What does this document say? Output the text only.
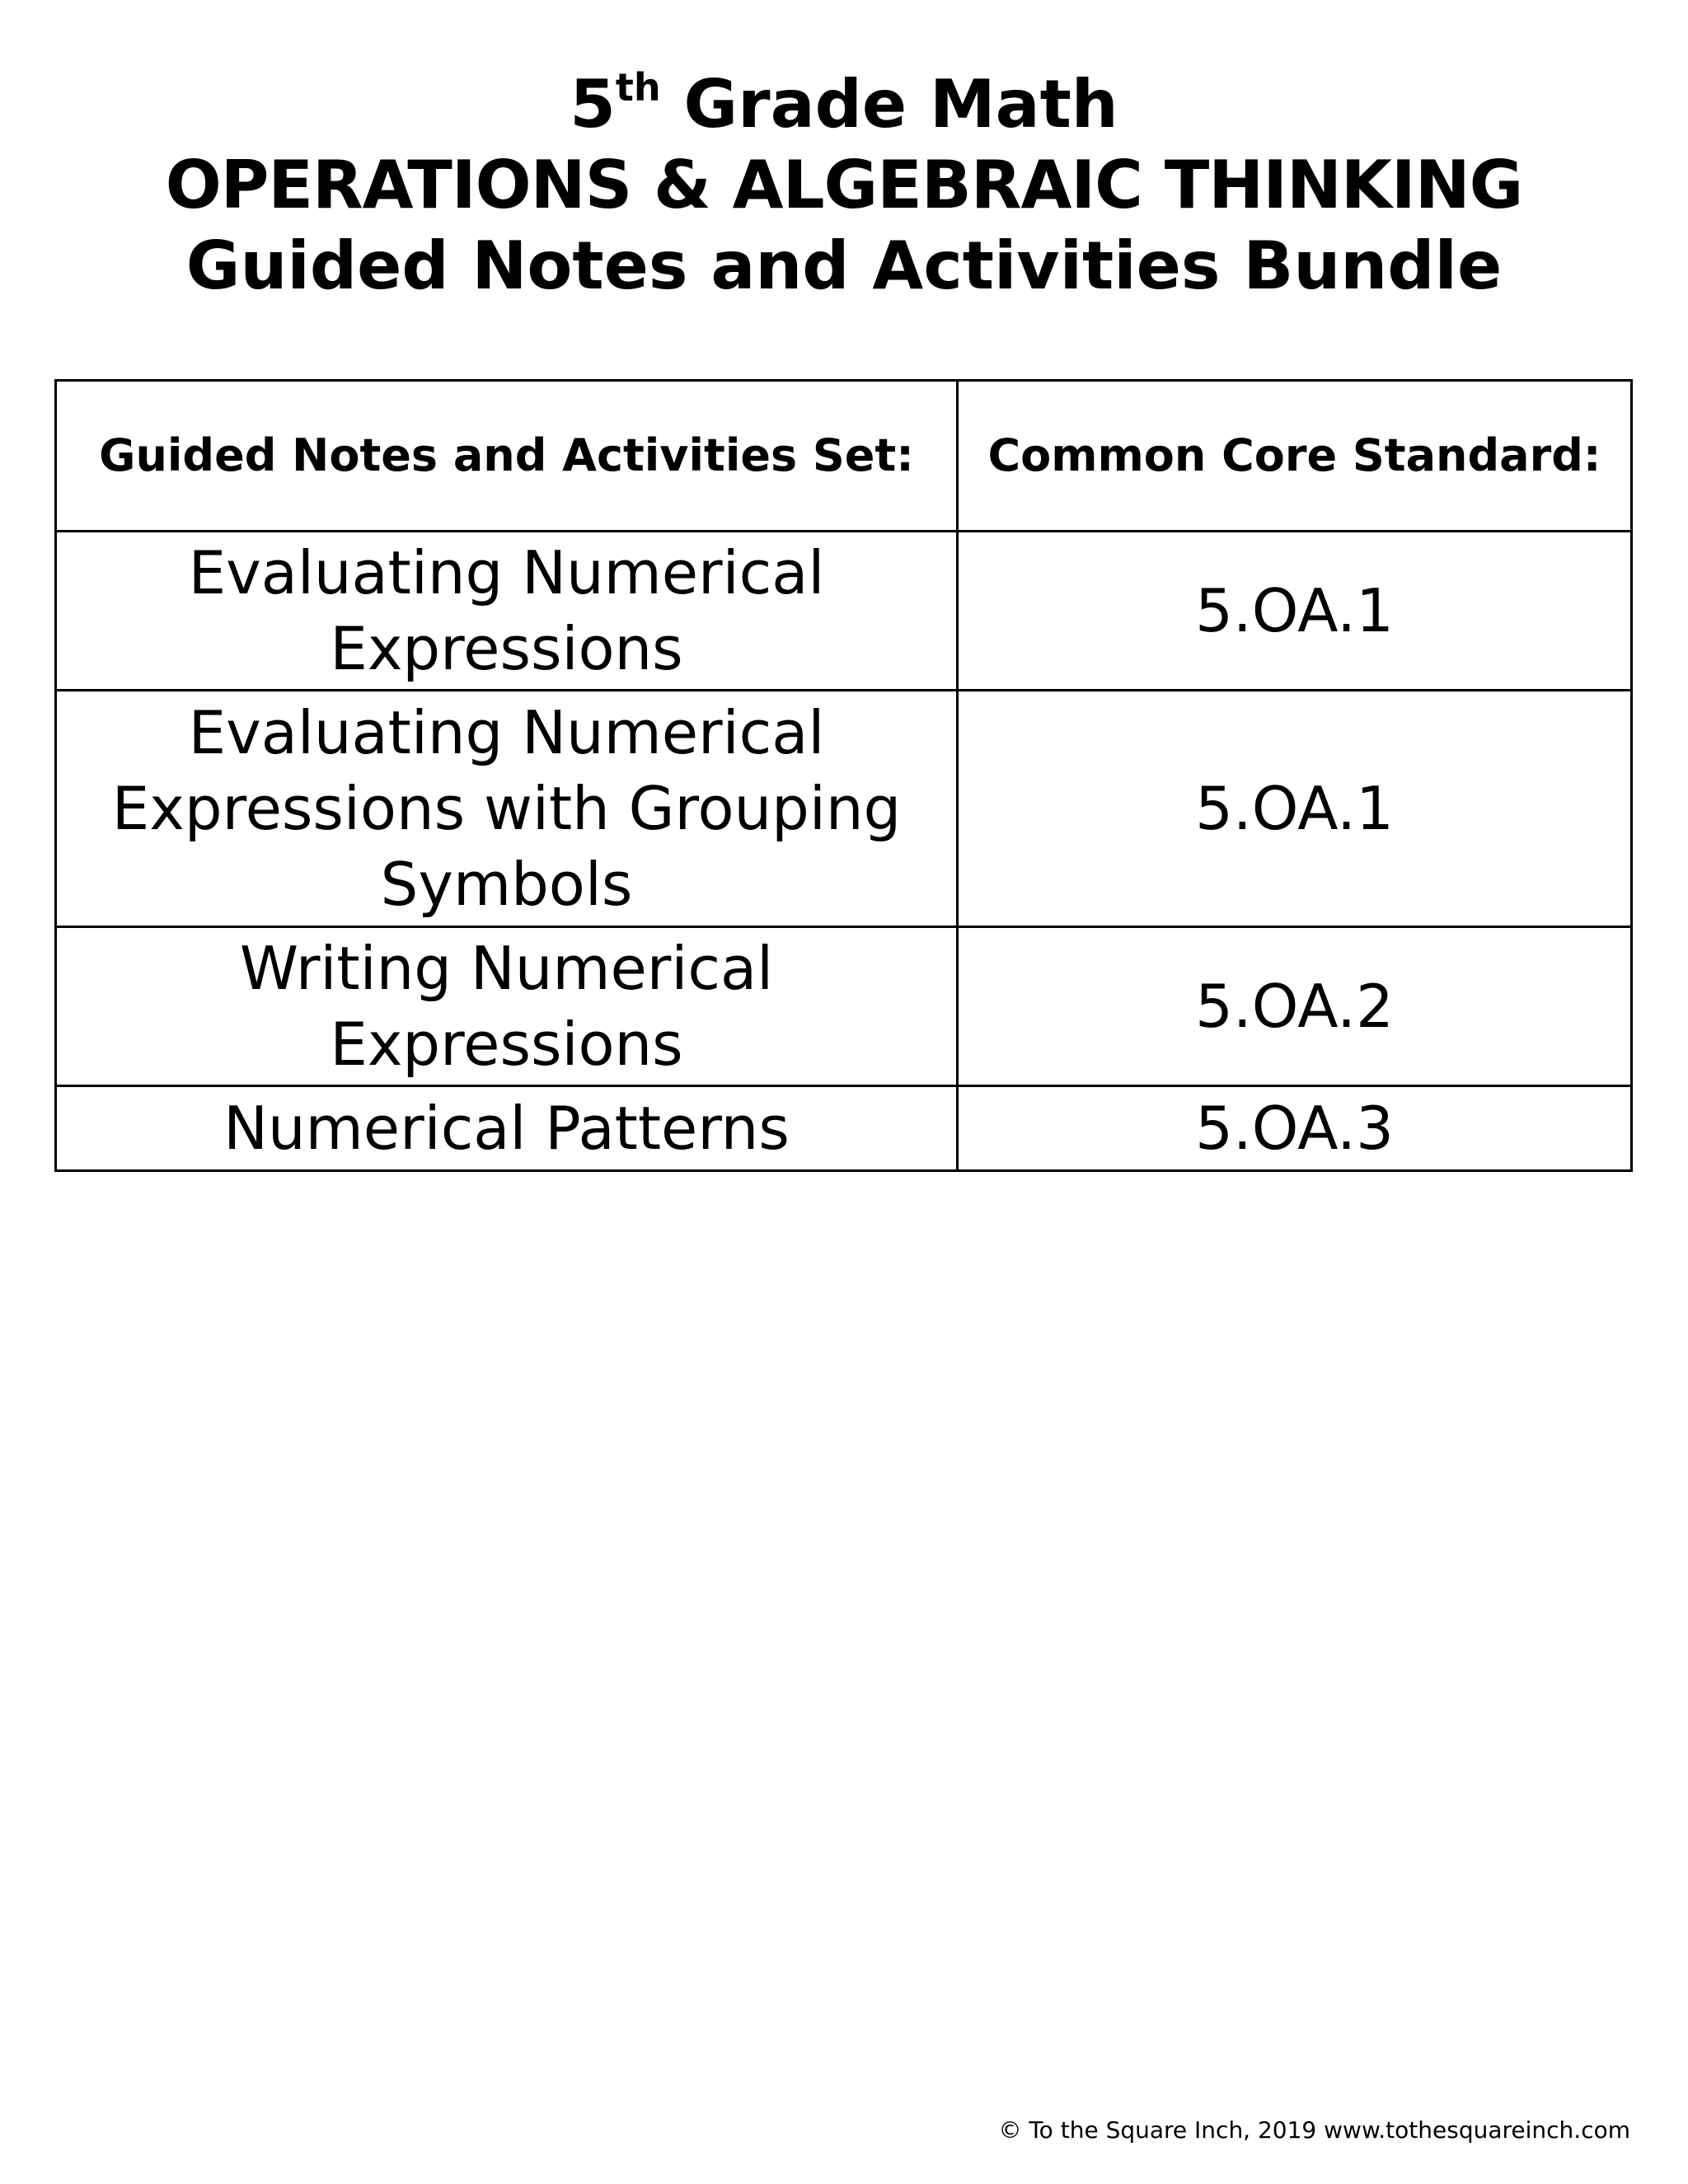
5th Grade Math
OPERATIONS & ALGEBRAIC THINKING
Guided Notes and Activities Bundle
Guided Notes and Activities Set:	Common Core Standard:
Evaluating Numerical Expressions	5.OA.1
Evaluating Numerical Expressions with Grouping Symbols	5.OA.1
Writing Numerical Expressions	5.OA.2
Numerical Patterns	5.OA.3
© To the Square Inch, 2019 www.tothesquareinch.com
